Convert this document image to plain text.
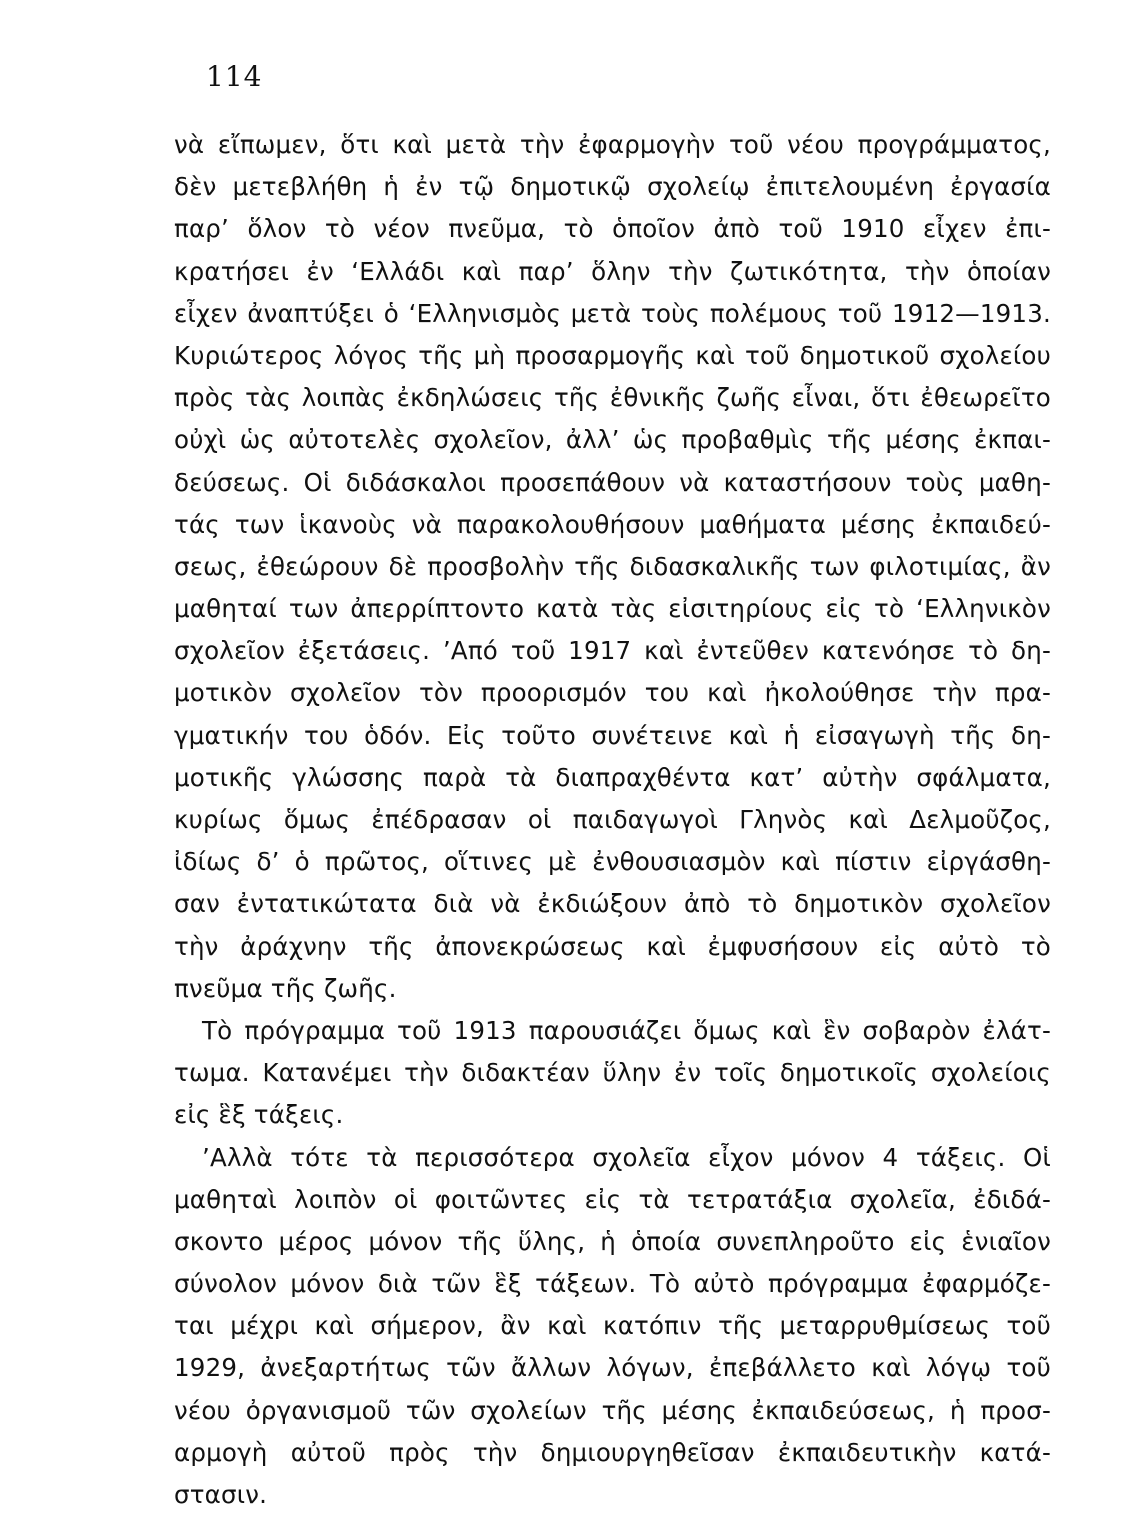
114
νὰ εἴπωμεν, ὅτι καὶ μετὰ τὴν ἐφαρμογὴν τοῦ νέου προγράμματος,
δὲν μετεβλήθη ἡ ἐν τῷ δημοτικῷ σχολείῳ ἐπιτελουμένη ἐργασία
παρ’ ὅλον τὸ νέον πνεῦμα, τὸ ὁποῖον ἀπὸ τοῦ 1910 εἶχεν ἐπι-
κρατήσει ἐν ‘Ελλάδι καὶ παρ’ ὅλην τὴν ζωτικότητα, τὴν ὁποίαν
εἶχεν ἀναπτύξει ὁ ‘Ελληνισμὸς μετὰ τοὺς πολέμους τοῦ 1912—1913.
Κυριώτερος λόγος τῆς μὴ προσαρμογῆς καὶ τοῦ δημοτικοῦ σχολείου
πρὸς τὰς λοιπὰς ἐκδηλώσεις τῆς ἐθνικῆς ζωῆς εἶναι, ὅτι ἐθεωρεῖτο
οὐχὶ ὡς αὐτοτελὲς σχολεῖον, ἀλλ’ ὡς προβαθμὶς τῆς μέσης ἐκπαι-
δεύσεως. Οἱ διδάσκαλοι προσεπάθουν νὰ καταστήσουν τοὺς μαθη-
τάς των ἱκανοὺς νὰ παρακολουθήσουν μαθήματα μέσης ἐκπαιδεύ-
σεως, ἐθεώρουν δὲ προσβολὴν τῆς διδασκαλικῆς των φιλοτιμίας, ἂν
μαθηταί των ἀπερρίπτοντο κατὰ τὰς εἰσιτηρίους εἰς τὸ ‘Ελληνικὸν
σχολεῖον ἐξετάσεις. ’Από τοῦ 1917 καὶ ἐντεῦθεν κατενόησε τὸ δη-
μοτικὸν σχολεῖον τὸν προορισμόν του καὶ ἠκολούθησε τὴν πρα-
γματικήν του ὁδόν. Εἰς τοῦτο συνέτεινε καὶ ἡ εἰσαγωγὴ τῆς δη-
μοτικῆς γλώσσης παρὰ τὰ διαπραχθέντα κατ’ αὐτὴν σφάλματα,
κυρίως ὅμως ἐπέδρασαν οἱ παιδαγωγοὶ Γληνὸς καὶ Δελμοῦζος,
ἰδίως δ’ ὁ πρῶτος, οἵτινες μὲ ἐνθουσιασμὸν καὶ πίστιν εἰργάσθη-
σαν ἐντατικώτατα διὰ νὰ ἐκδιώξουν ἀπὸ τὸ δημοτικὸν σχολεῖον
τὴν ἀράχνην τῆς ἀπονεκρώσεως καὶ ἐμφυσήσουν εἰς αὐτὸ τὸ
πνεῦμα τῆς ζωῆς.
Τὸ πρόγραμμα τοῦ 1913 παρουσιάζει ὅμως καὶ ἓν σοβαρὸν ἐλάτ-
τωμα. Κατανέμει τὴν διδακτέαν ὕλην ἐν τοῖς δημοτικοῖς σχολείοις
εἰς ἓξ τάξεις.
’Αλλὰ τότε τὰ περισσότερα σχολεῖα εἶχον μόνον 4 τάξεις. Οἱ
μαθηταὶ λοιπὸν οἱ φοιτῶντες εἰς τὰ τετρατάξια σχολεῖα, ἐδιδά-
σκοντο μέρος μόνον τῆς ὕλης, ἡ ὁποία συνεπληροῦτο εἰς ἑνιαῖον
σύνολον μόνον διὰ τῶν ἓξ τάξεων. Τὸ αὐτὸ πρόγραμμα ἐφαρμόζε-
ται μέχρι καὶ σήμερον, ἂν καὶ κατόπιν τῆς μεταρρυθμίσεως τοῦ
1929, ἀνεξαρτήτως τῶν ἄλλων λόγων, ἐπεβάλλετο καὶ λόγῳ τοῦ
νέου ὀργανισμοῦ τῶν σχολείων τῆς μέσης ἐκπαιδεύσεως, ἡ προσ-
αρμογὴ αὐτοῦ πρὸς τὴν δημιουργηθεῖσαν ἐκπαιδευτικὴν κατά-
στασιν.
